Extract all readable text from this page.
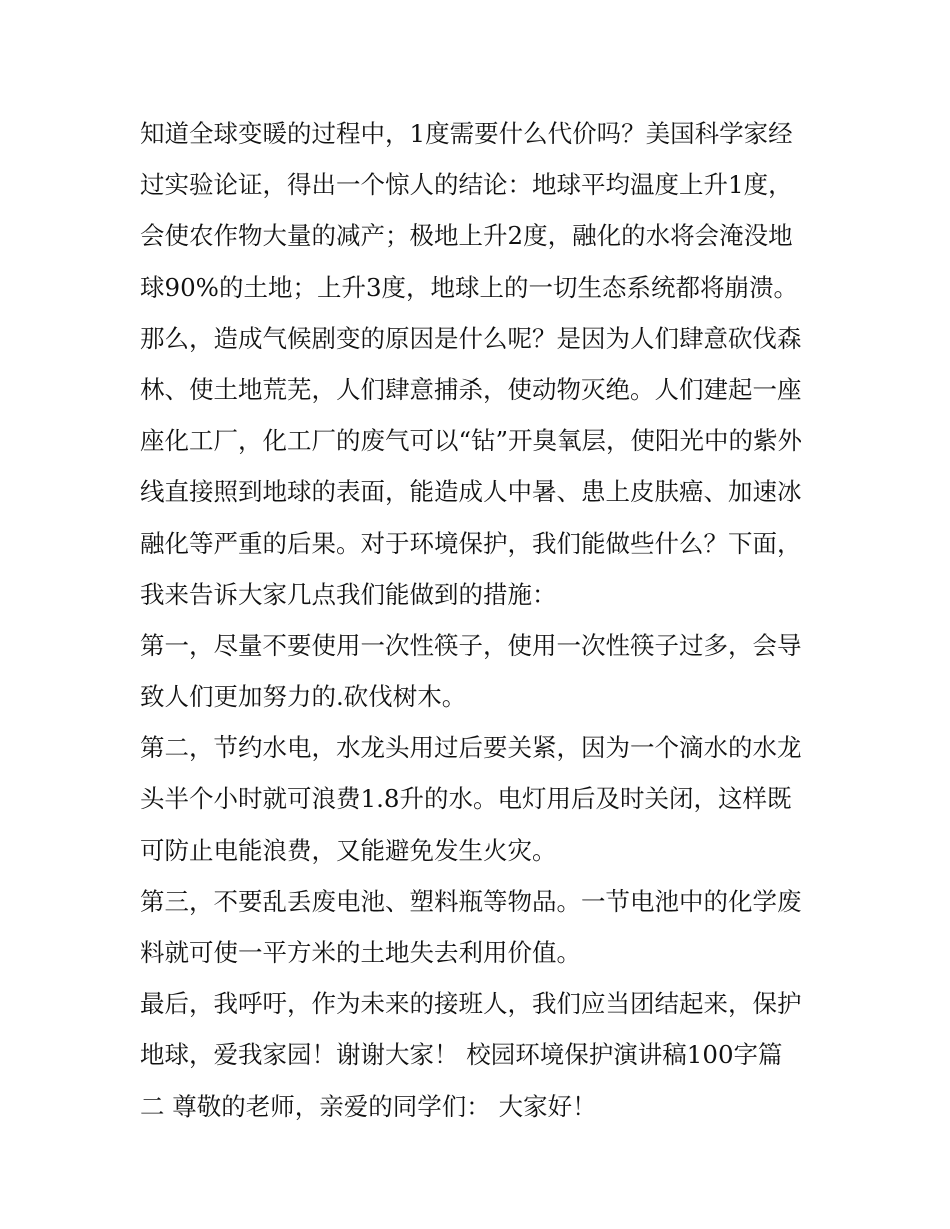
知道全球变暖的过程中，1度需要什么代价吗？美国科学家经
过实验论证，得出一个惊人的结论：地球平均温度上升1度，
会使农作物大量的减产；极地上升2度，融化的水将会淹没地
球90%的土地；上升3度，地球上的一切生态系统都将崩溃。
那么，造成气候剧变的原因是什么呢？是因为人们肆意砍伐森
林、使土地荒芜，人们肆意捕杀，使动物灭绝。人们建起一座
座化工厂，化工厂的废气可以“钻”开臭氧层，使阳光中的紫外
线直接照到地球的表面，能造成人中暑、患上皮肤癌、加速冰
融化等严重的后果。对于环境保护，我们能做些什么？下面，
我来告诉大家几点我们能做到的措施：
第一，尽量不要使用一次性筷子，使用一次性筷子过多，会导
致人们更加努力的.砍伐树木。
第二，节约水电，水龙头用过后要关紧，因为一个滴水的水龙
头半个小时就可浪费1.8升的水。电灯用后及时关闭，这样既
可防止电能浪费，又能避免发生火灾。
第三，不要乱丢废电池、塑料瓶等物品。一节电池中的化学废
料就可使一平方米的土地失去利用价值。
最后，我呼吁，作为未来的接班人，我们应当团结起来，保护
地球，爱我家园！谢谢大家！ 校园环境保护演讲稿100字篇
二 尊敬的老师，亲爱的同学们： 大家好！
